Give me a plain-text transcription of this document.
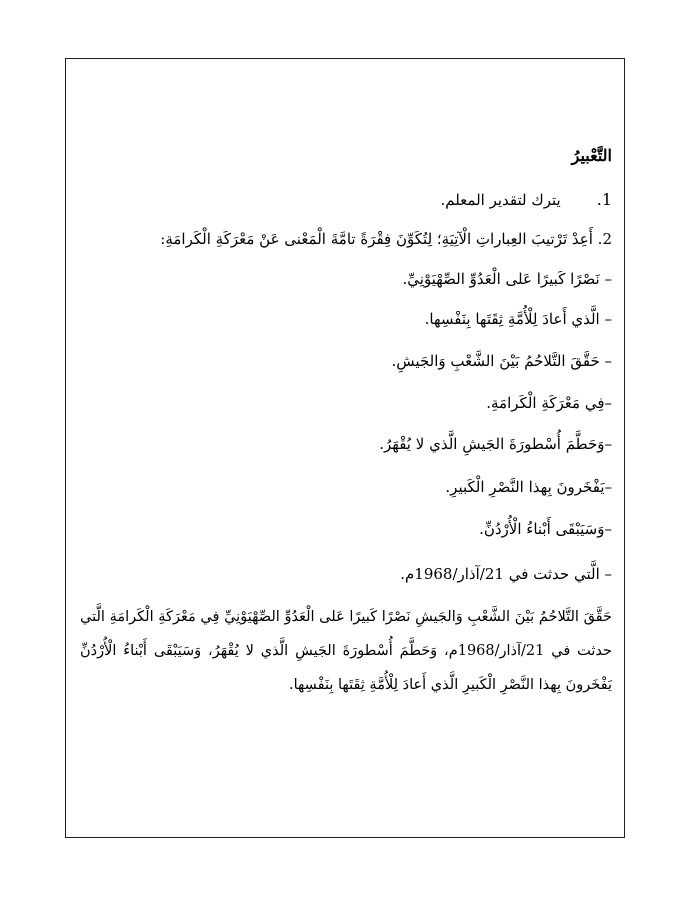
التَّعْبيرُ

1.يترك لتقدير المعلم.

2. أَعِدْ تَرْتيبَ العِباراتِ الْآتِيَةِ؛ لِتُكَوِّنَ فِقْرَةً تامَّةَ الْمَعْنى عَنْ مَعْرَكَةِ الْكَرامَةِ:

– نَصْرًا كَبيرًا عَلى الْعَدُوِّ الصِّهْيَوْنِيِّ.

– الَّذي أَعادَ لِلْأُمَّةِ ثِقَتَها بِنَفْسِها.

– حَقَّقَ التَّلاحُمُ بَيْنَ الشَّعْبِ وَالجَيشِ.

–فِي مَعْرَكَةِ الْكَرامَةِ.

–وَحَطَّمَ أُسْطورَةَ الجَيشِ الَّذي لا يُقْهَرُ.

–يَفْخَرونَ بِهذا النَّصْرِ الْكَبيرِ.

–وَسَيَبْقَى أَبْناءُ الْأُرْدُنِّ.

– الَّتي حدثت في 21/آذار/1968م.

حَقَّقَ التَّلاحُمُ بَيْنَ الشَّعْبِ وَالجَيشِ نَصْرًا كَبيرًا عَلى الْعَدُوِّ الصِّهْيَوْنِيِّ فِي مَعْرَكَةِ الْكَرامَةِ الَّتي حدثت في 21/آذار/1968م، وَحَطَّمَ أُسْطورَةَ الجَيشِ الَّذي لا يُقْهَرُ، وَسَيَبْقَى أَبْناءُ الْأُرْدُنِّ يَفْخَرونَ بِهذا النَّصْرِ الْكَبيرِ الَّذي أَعادَ لِلْأُمَّةِ ثِقَتَها بِنَفْسِها.
